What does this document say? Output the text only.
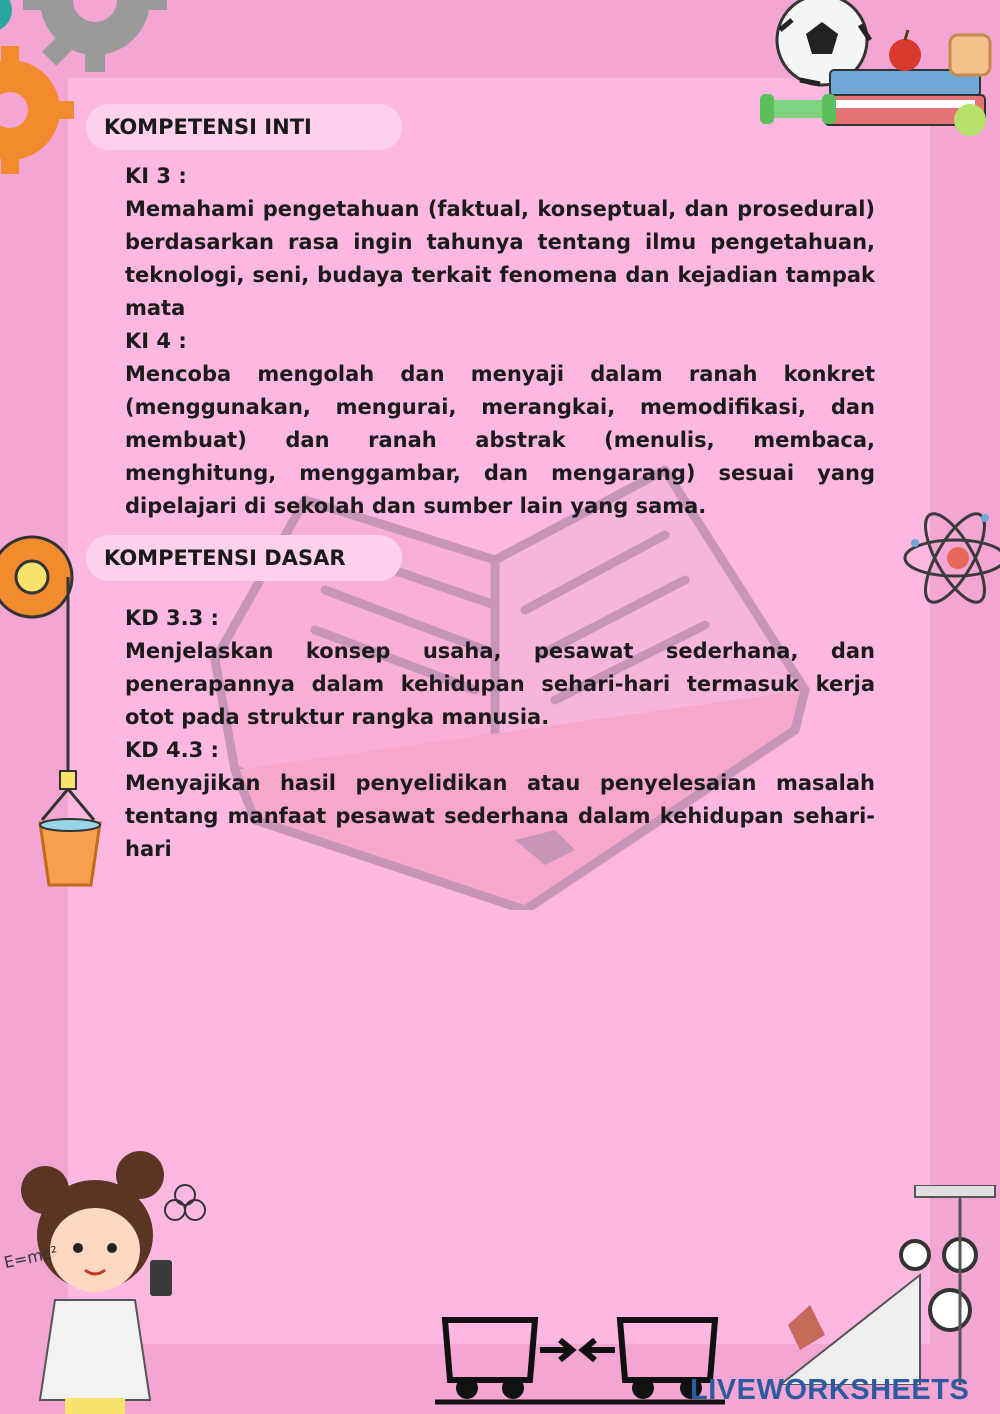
E=mc²
KOMPETENSI INTI
KI 3 :

Memahami pengetahuan (faktual, konseptual, dan prosedural) berdasarkan rasa ingin tahunya tentang ilmu pengetahuan, teknologi, seni, budaya terkait fenomena dan kejadian tampak mata

KI 4 :

Mencoba mengolah dan menyaji dalam ranah konkret (menggunakan, mengurai, merangkai, memodifikasi, dan membuat) dan ranah abstrak (menulis, membaca, menghitung, menggambar, dan mengarang) sesuai yang dipelajari di sekolah dan sumber lain yang sama.

KOMPETENSI DASAR
KD 3.3 :

Menjelaskan konsep usaha, pesawat sederhana, dan penerapannya dalam kehidupan sehari-hari termasuk kerja otot pada struktur rangka manusia.

KD 4.3 :

Menyajikan hasil penyelidikan atau penyelesaian masalah tentang manfaat pesawat sederhana dalam kehidupan sehari-hari

LIVEWORKSHEETS
